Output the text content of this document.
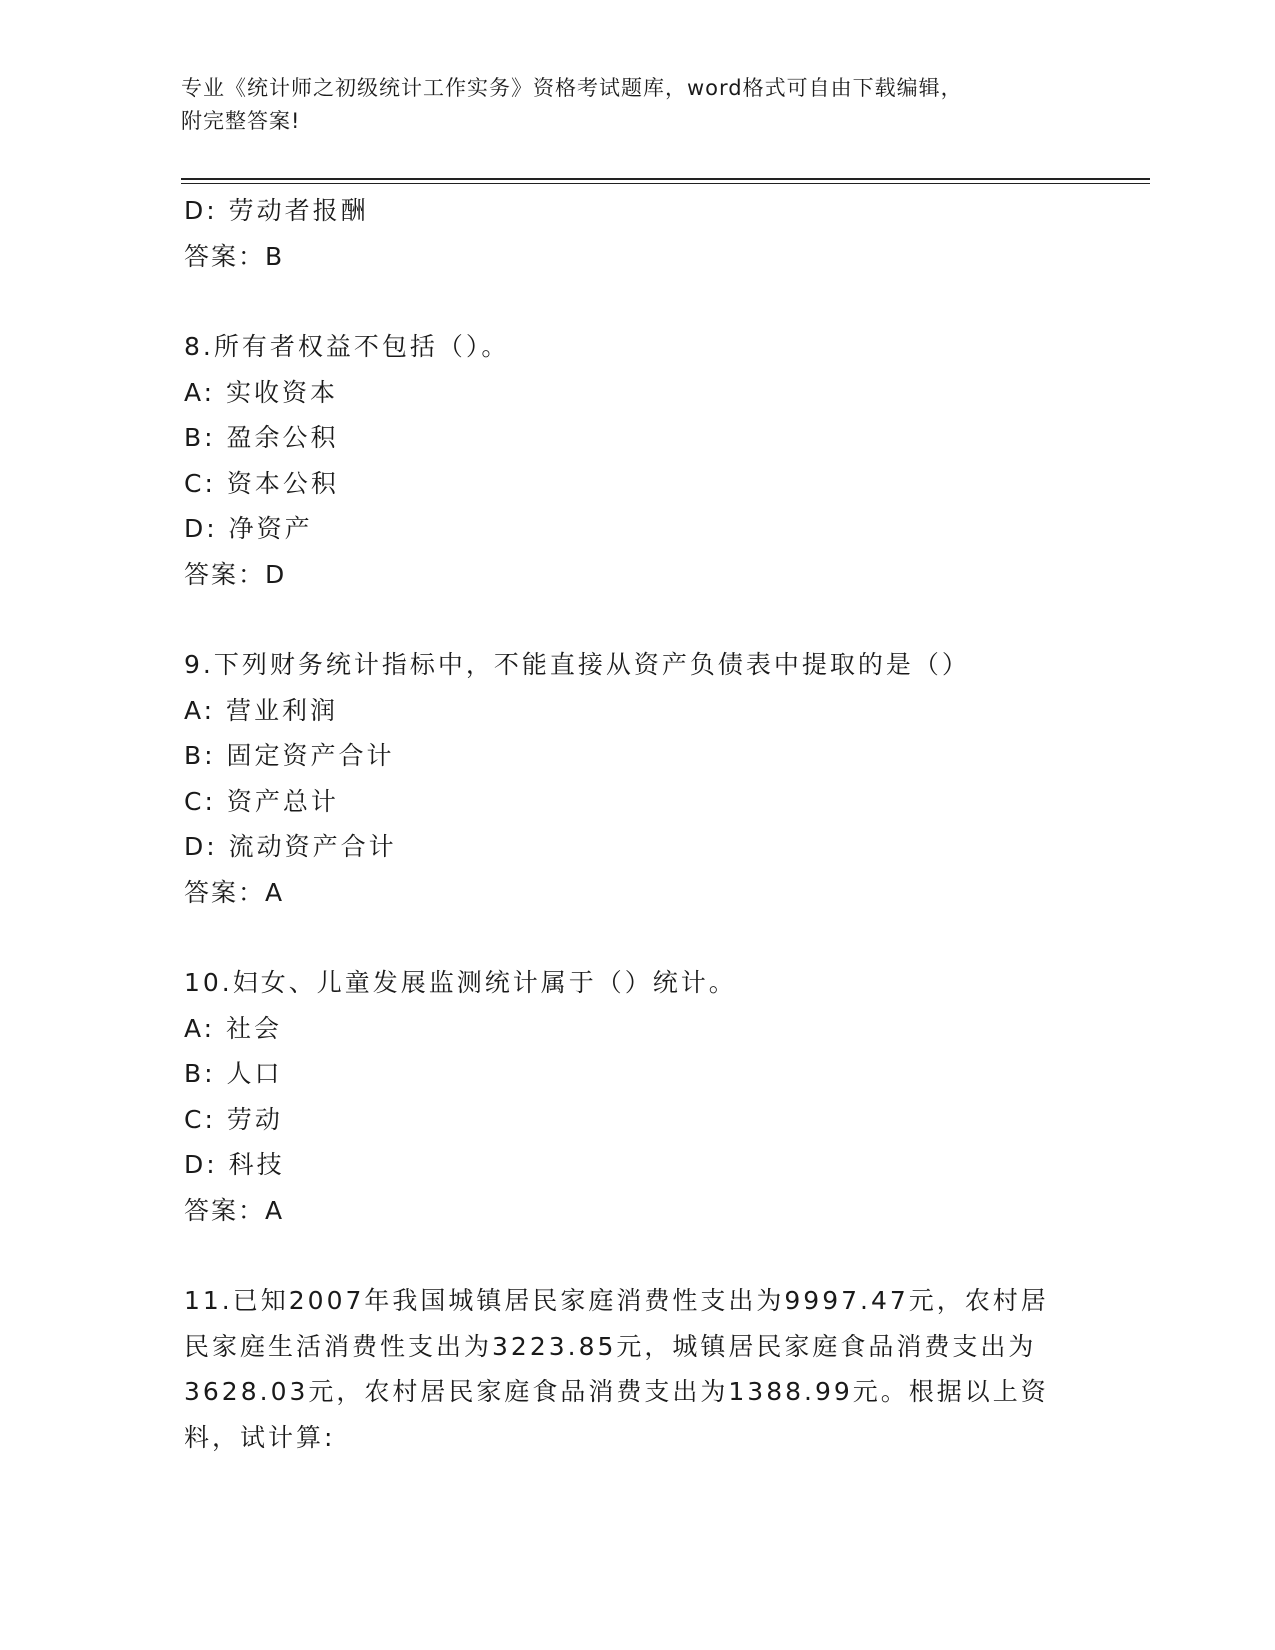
专业《统计师之初级统计工作实务》资格考试题库，word格式可自由下载编辑，
附完整答案!
D: 劳动者报酬
答案：B
8.所有者权益不包括（）。
A: 实收资本
B: 盈余公积
C: 资本公积
D: 净资产
答案：D
9.下列财务统计指标中，不能直接从资产负债表中提取的是（）
A: 营业利润
B: 固定资产合计
C: 资产总计
D: 流动资产合计
答案：A
10.妇女、儿童发展监测统计属于（）统计。
A: 社会
B: 人口
C: 劳动
D: 科技
答案：A
11.已知2007年我国城镇居民家庭消费性支出为9997.47元，农村居
民家庭生活消费性支出为3223.85元，城镇居民家庭食品消费支出为
3628.03元，农村居民家庭食品消费支出为1388.99元。根据以上资
料，试计算:
